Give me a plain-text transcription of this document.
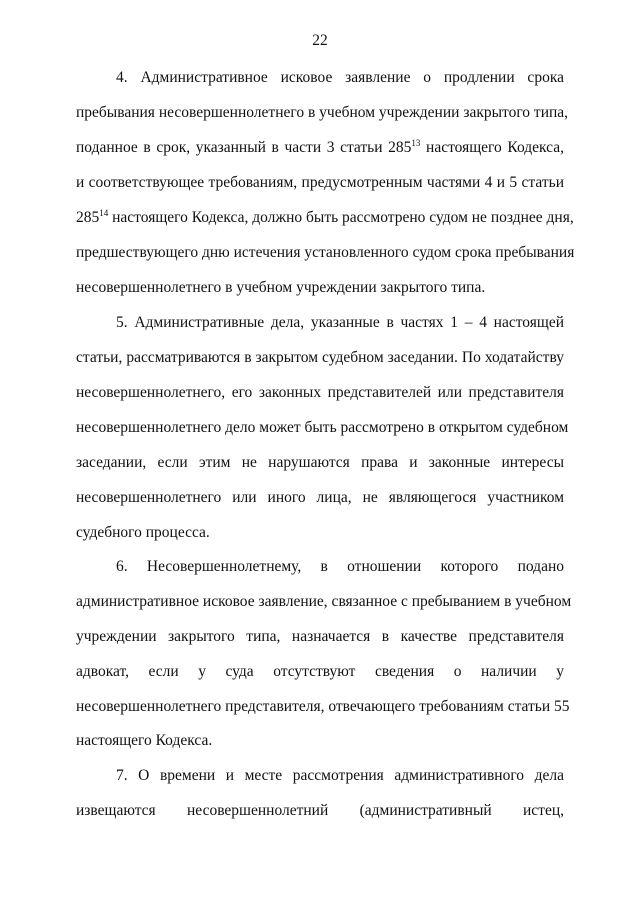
22
4. Административное исковое заявление о продлении срока
пребывания несовершеннолетнего в учебном учреждении закрытого типа,
поданное в срок, указанный в части 3 статьи $285^{13}$ настоящего Кодекса,
и соответствующее требованиям, предусмотренным частями 4 и 5 статьи
$285^{14}$ настоящего Кодекса, должно быть рассмотрено судом не позднее дня,
предшествующего дню истечения установленного судом срока пребывания
несовершеннолетнего в учебном учреждении закрытого типа.
5. Административные дела, указанные в частях 1 – 4 настоящей
статьи, рассматриваются в закрытом судебном заседании. По ходатайству
несовершеннолетнего, его законных представителей или представителя
несовершеннолетнего дело может быть рассмотрено в открытом судебном
заседании, если этим не нарушаются права и законные интересы
несовершеннолетнего или иного лица, не являющегося участником
судебного процесса.
6. Несовершеннолетнему, в отношении которого подано
административное исковое заявление, связанное с пребыванием в учебном
учреждении закрытого типа, назначается в качестве представителя
адвокат, если у суда отсутствуют сведения о наличии у
несовершеннолетнего представителя, отвечающего требованиям статьи 55
настоящего Кодекса.
7. О времени и месте рассмотрения административного дела
извещаются несовершеннолетний (административный истец,
